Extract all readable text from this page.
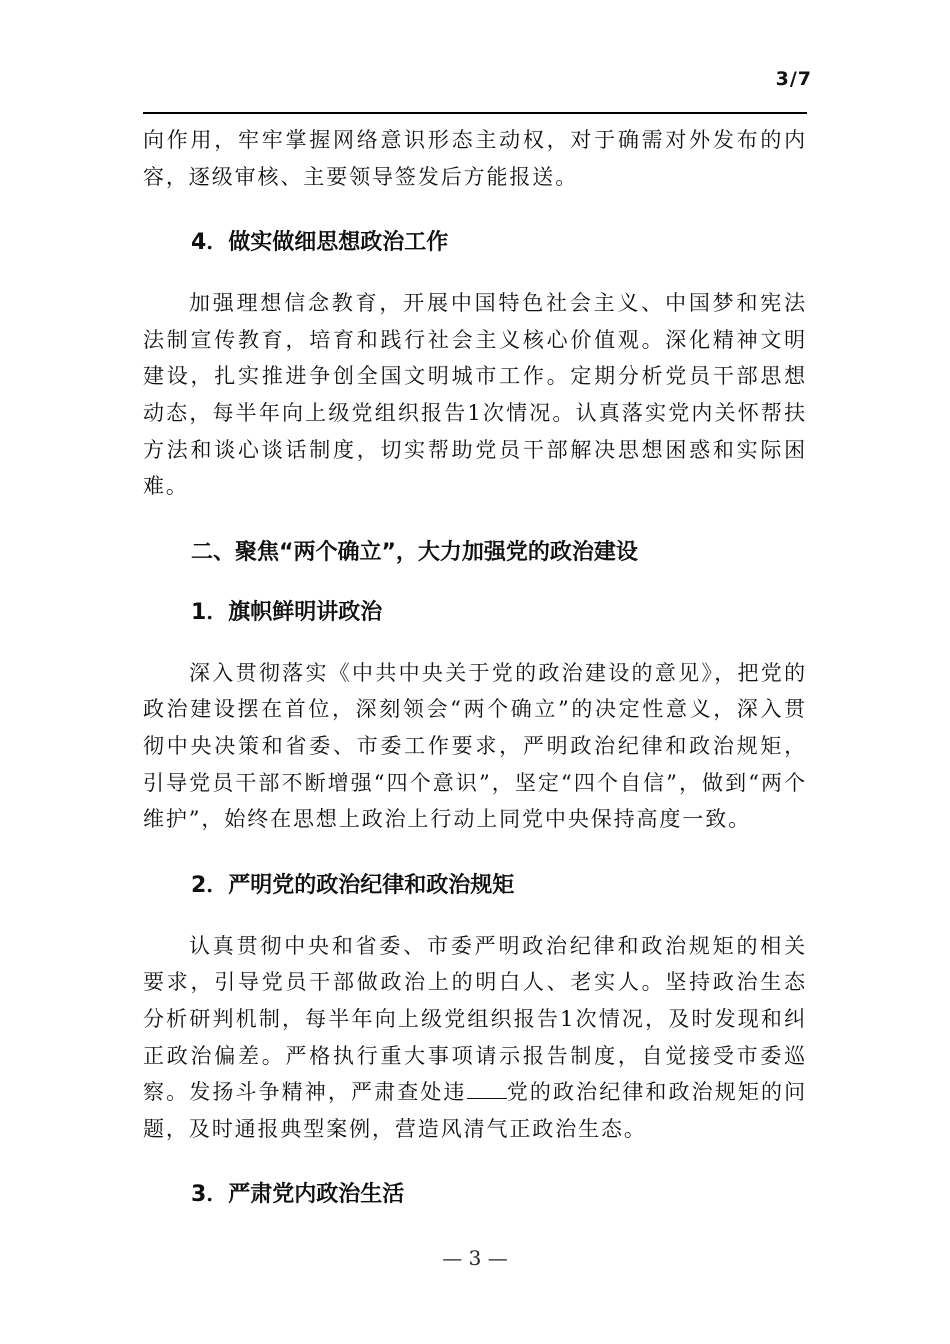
3/7

向作用，牢牢掌握网络意识形态主动权，对于确需对外发布的内容，逐级审核、主要领导签发后方能报送。

4．做实做细思想政治工作

加强理想信念教育，开展中国特色社会主义、中国梦和宪法法制宣传教育，培育和践行社会主义核心价值观。深化精神文明建设，扎实推进争创全国文明城市工作。定期分析党员干部思想动态，每半年向上级党组织报告1次情况。认真落实党内关怀帮扶方法和谈心谈话制度，切实帮助党员干部解决思想困惑和实际困难。

二、聚焦“两个确立”，大力加强党的政治建设
1．旗帜鲜明讲政治

深入贯彻落实《中共中央关于党的政治建设的意见》，把党的政治建设摆在首位，深刻领会“两个确立”的决定性意义，深入贯彻中央决策和省委、市委工作要求，严明政治纪律和政治规矩，引导党员干部不断增强“四个意识”，坚定“四个自信”，做到“两个维护”，始终在思想上政治上行动上同党中央保持高度一致。

2．严明党的政治纪律和政治规矩

认真贯彻中央和省委、市委严明政治纪律和政治规矩的相关要求，引导党员干部做政治上的明白人、老实人。坚持政治生态分析研判机制，每半年向上级党组织报告1次情况，及时发现和纠正政治偏差。严格执行重大事项请示报告制度，自觉接受市委巡察。发扬斗争精神，严肃查处违 党的政治纪律和政治规矩的问题，及时通报典型案例，营造风清气正政治生态。

3．严肃党内政治生活
— 3 —
